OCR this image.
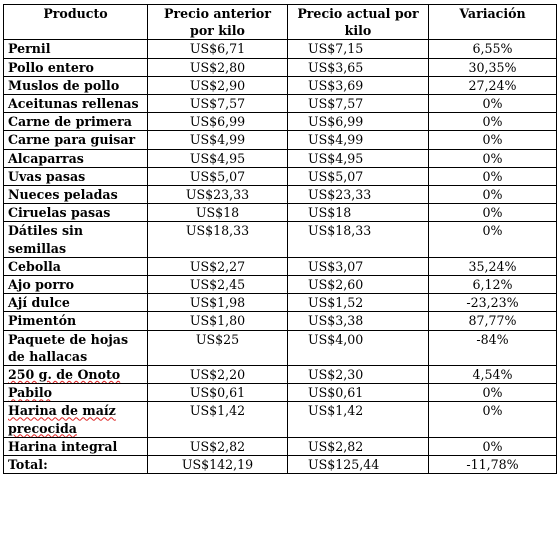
Producto	Precio anterior por kilo	Precio actual por kilo	Variación
Pernil	US$6,71	US$7,15	6,55%
Pollo entero	US$2,80	US$3,65	30,35%
Muslos de pollo	US$2,90	US$3,69	27,24%
Aceitunas rellenas	US$7,57	US$7,57	0%
Carne de primera	US$6,99	US$6,99	0%
Carne para guisar	US$4,99	US$4,99	0%
Alcaparras	US$4,95	US$4,95	0%
Uvas pasas	US$5,07	US$5,07	0%
Nueces peladas	US$23,33	US$23,33	0%
Ciruelas pasas	US$18	US$18	0%
Dátiles sin semillas	US$18,33	US$18,33	0%
Cebolla	US$2,27	US$3,07	35,24%
Ajo porro	US$2,45	US$2,60	6,12%
Ají dulce	US$1,98	US$1,52	-23,23%
Pimentón	US$1,80	US$3,38	87,77%
Paquete de hojas de hallacas	US$25	US$4,00	-84%
250 g. de Onoto	US$2,20	US$2,30	4,54%
Pabilo	US$0,61	US$0,61	0%
Harina de maíz precocida	US$1,42	US$1,42	0%
Harina integral	US$2,82	US$2,82	0%
Total:	US$142,19	US$125,44	-11,78%
